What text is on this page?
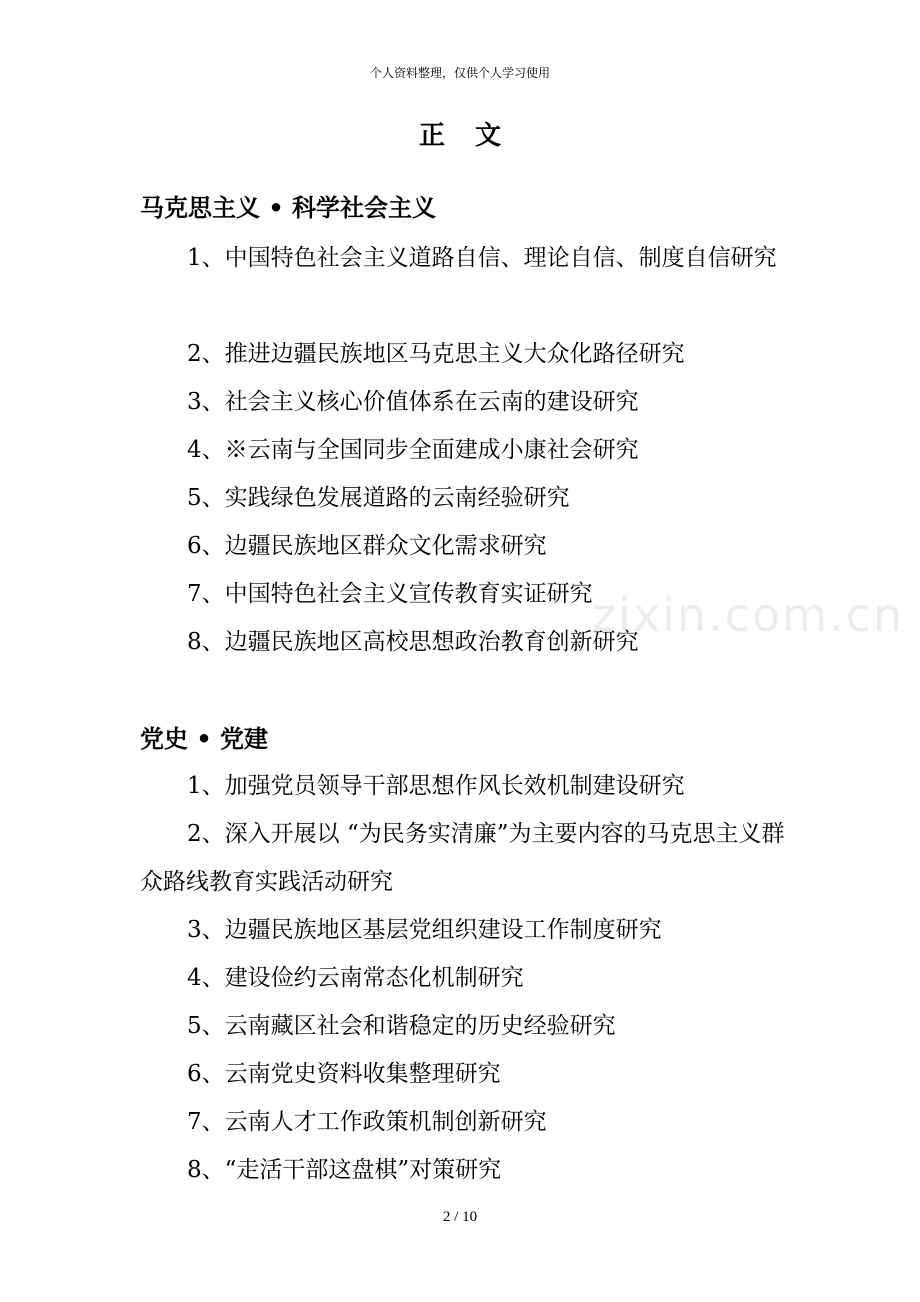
个人资料整理，仅供个人学习使用
正文
zixin.com.cn
马克思主义 • 科学社会主义
1、中国特色社会主义道路自信、理论自信、制度自信研究
2、推进边疆民族地区马克思主义大众化路径研究
3、社会主义核心价值体系在云南的建设研究
4、※云南与全国同步全面建成小康社会研究
5、实践绿色发展道路的云南经验研究
6、边疆民族地区群众文化需求研究
7、中国特色社会主义宣传教育实证研究
8、边疆民族地区高校思想政治教育创新研究
党史 • 党建
1、加强党员领导干部思想作风长效机制建设研究
2、深入开展以 “为民务实清廉”为主要内容的马克思主义群众路线教育实践活动研究
3、边疆民族地区基层党组织建设工作制度研究
4、建设俭约云南常态化机制研究
5、云南藏区社会和谐稳定的历史经验研究
6、云南党史资料收集整理研究
7、云南人才工作政策机制创新研究
8、“走活干部这盘棋”对策研究
2 / 10
